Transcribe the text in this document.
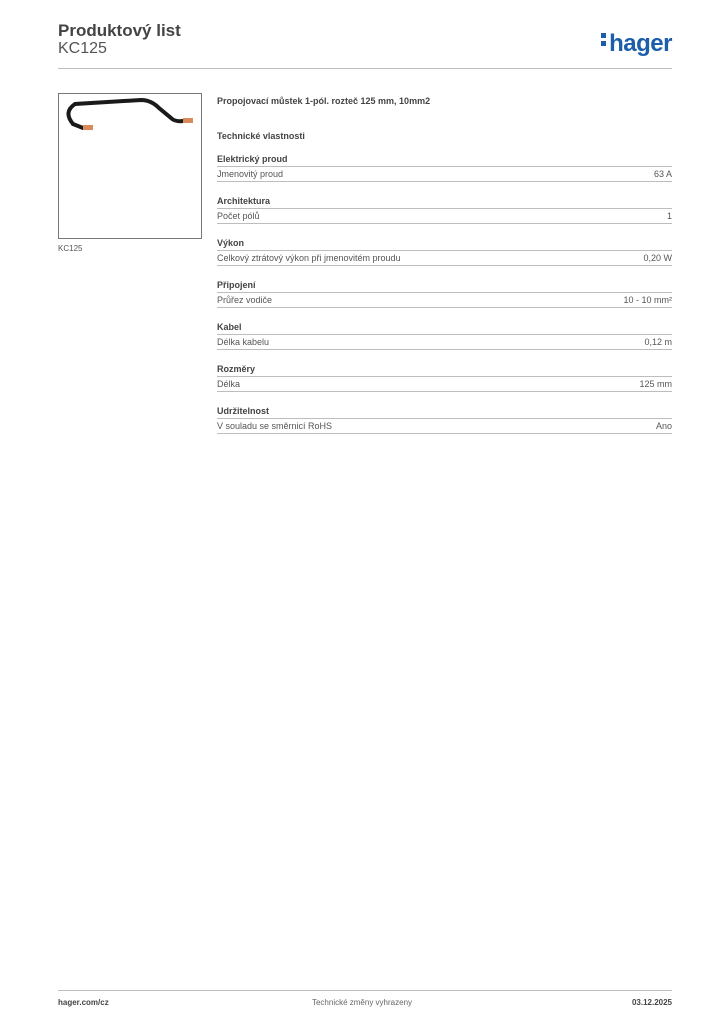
Produktový list
KC125	hager
KC125
Propojovací můstek 1-pól. rozteč 125 mm, 10mm2
Technické vlastnosti
Elektrický proud
Jmenovitý proud	63 A
Architektura
Počet pólů	1
Výkon
Celkový ztrátový výkon při jmenovitém proudu	0,20 W
Připojení
Průřez vodiče	10 - 10 mm²
Kabel
Délka kabelu	0,12 m
Rozměry
Délka	125 mm
Udržitelnost
V souladu se směrnicí RoHS	Ano
hager.com/cz	Technické změny vyhrazeny	03.12.2025
